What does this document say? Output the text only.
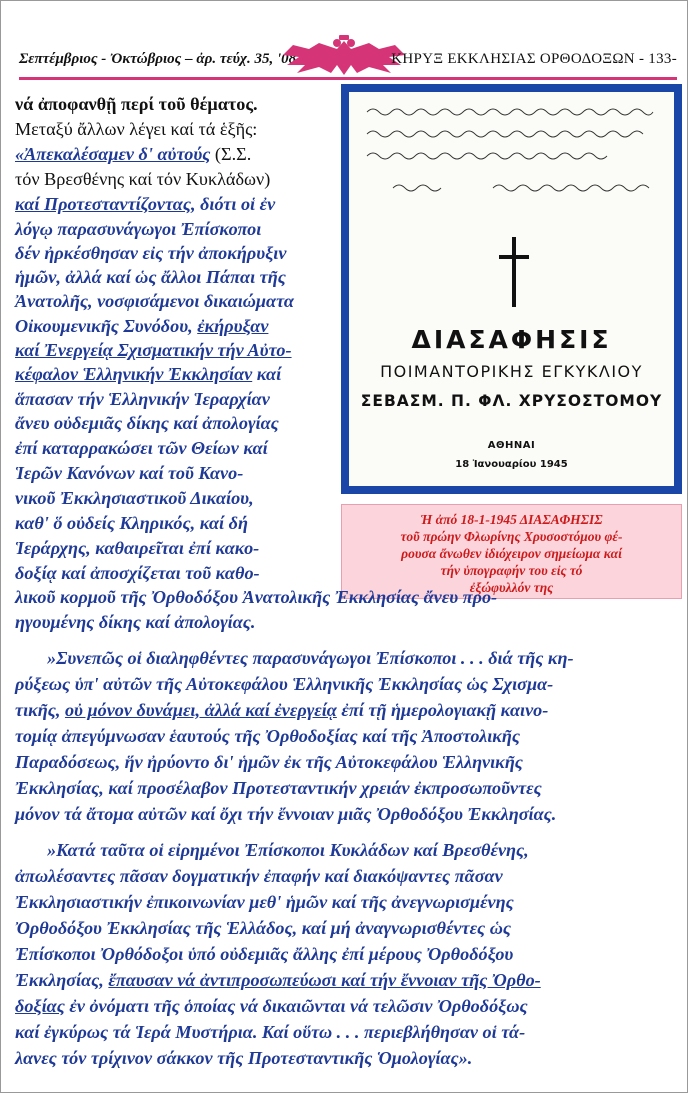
Σεπτέμβριος - Ὀκτώβριος – ἀρ. τεύχ. 35, '08	ΚΗΡΥΞ ΕΚΚΛΗΣΙΑΣ ΟΡΘΟΔΟΞΩΝ - 133-
ΔΙΑΣΑΦΗΣΙΣ
ΠΟΙΜΑΝΤΟΡΙΚΗΣ ΕΓΚΥΚΛΙΟΥ
ΣΕΒΑΣΜ. Π. ΦΛ. ΧΡΥΣΟΣΤΟΜΟΥ
ΑΘΗΝΑΙ
18 Ἰανουαρίου 1945
Ἡ ἀπό 18-1-1945 ΔΙΑΣΑΦΗΣΙΣ
τοῦ πρώην Φλωρίνης Χρυσοστόμου φέ-
ρουσα ἄνωθεν ἰδιόχειρον σημείωμα καί
τήν ὑπογραφήν του εἰς τό
ἐξώφυλλόν της
νά ἀποφανθῇ περί τοῦ θέματος.
Μεταξύ ἄλλων λέγει καί τά ἑξῆς:
«Ἀπεκαλέσαμεν δ' αὐτούς (Σ.Σ.
τόν Βρεσθένης καί τόν Κυκλάδων)
καί Προτεσταντίζοντας, διότι οἱ ἐν
λόγῳ παρασυνάγωγοι Ἐπίσκοποι
δέν ἠρκέσθησαν εἰς τήν ἀποκήρυξιν
ἡμῶν, ἀλλά καί ὡς ἄλλοι Πάπαι τῆς
Ἀνατολῆς, νοσφισάμενοι δικαιώματα
Οἰκουμενικῆς Συνόδου, ἐκήρυξαν
καί Ἐνεργείᾳ Σχισματικήν τήν Αὐτο-
κέφαλον Ἑλληνικήν Ἐκκλησίαν καί
ἅπασαν τήν Ἑλληνικήν Ἱεραρχίαν
ἄνευ οὐδεμιᾶς δίκης καί ἀπολογίας
ἐπί καταρρακώσει τῶν Θείων καί
Ἱερῶν Κανόνων καί τοῦ Κανο-
νικοῦ Ἐκκλησιαστικοῦ Δικαίου,
καθ' ὅ οὐδείς Κληρικός, καί δή
Ἱεράρχης, καθαιρεῖται ἐπί κακο-
δοξίᾳ καί ἀποσχίζεται τοῦ καθο-
λικοῦ κορμοῦ τῆς Ὀρθοδόξου Ἀνατολικῆς Ἐκκλησίας ἄνευ προ-
ηγουμένης δίκης καί ἀπολογίας.
»Συνεπῶς οἱ διαληφθέντες παρασυνάγωγοι Ἐπίσκοποι . . . διά τῆς κη-
ρύξεως ὑπ' αὐτῶν τῆς Αὐτοκεφάλου Ἑλληνικῆς Ἐκκλησίας ὡς Σχισμα-
τικῆς, οὐ μόνον δυνάμει, ἀλλά καί ἐνεργείᾳ ἐπί τῇ ἡμερολογιακῇ καινο-
τομίᾳ ἀπεγύμνωσαν ἑαυτούς τῆς Ὀρθοδοξίας καί τῆς Ἀποστολικῆς
Παραδόσεως, ἥν ἠρύοντο δι' ἡμῶν ἐκ τῆς Αὐτοκεφάλου Ἑλληνικῆς
Ἐκκλησίας, καί προσέλαβον Προτεσταντικήν χρειάν ἐκπροσωποῦντες
μόνον τά ἄτομα αὐτῶν καί ὄχι τήν ἔννοιαν μιᾶς Ὀρθοδόξου Ἐκκλησίας.
»Κατά ταῦτα οἱ εἰρημένοι Ἐπίσκοποι Κυκλάδων καί Βρεσθένης,
ἀπωλέσαντες πᾶσαν δογματικήν ἐπαφήν καί διακόψαντες πᾶσαν
Ἐκκλησιαστικήν ἐπικοινωνίαν μεθ' ἡμῶν καί τῆς ἀνεγνωρισμένης
Ὀρθοδόξου Ἐκκλησίας τῆς Ἑλλάδος, καί μή ἀναγνωρισθέντες ὡς
Ἐπίσκοποι Ὀρθόδοξοι ὑπό οὐδεμιᾶς ἄλλης ἐπί μέρους Ὀρθοδόξου
Ἐκκλησίας, ἔπαυσαν νά ἀντιπροσωπεύωσι καί τήν ἔννοιαν τῆς Ὀρθο-
δοξίας ἐν ὀνόματι τῆς ὁποίας νά δικαιῶνται νά τελῶσιν Ὀρθοδόξως
καί ἐγκύρως τά Ἱερά Μυστήρια. Καί οὕτω . . . περιεβλήθησαν οἱ τά-
λανες τόν τρίχινον σάκκον τῆς Προτεσταντικῆς Ὁμολογίας».
